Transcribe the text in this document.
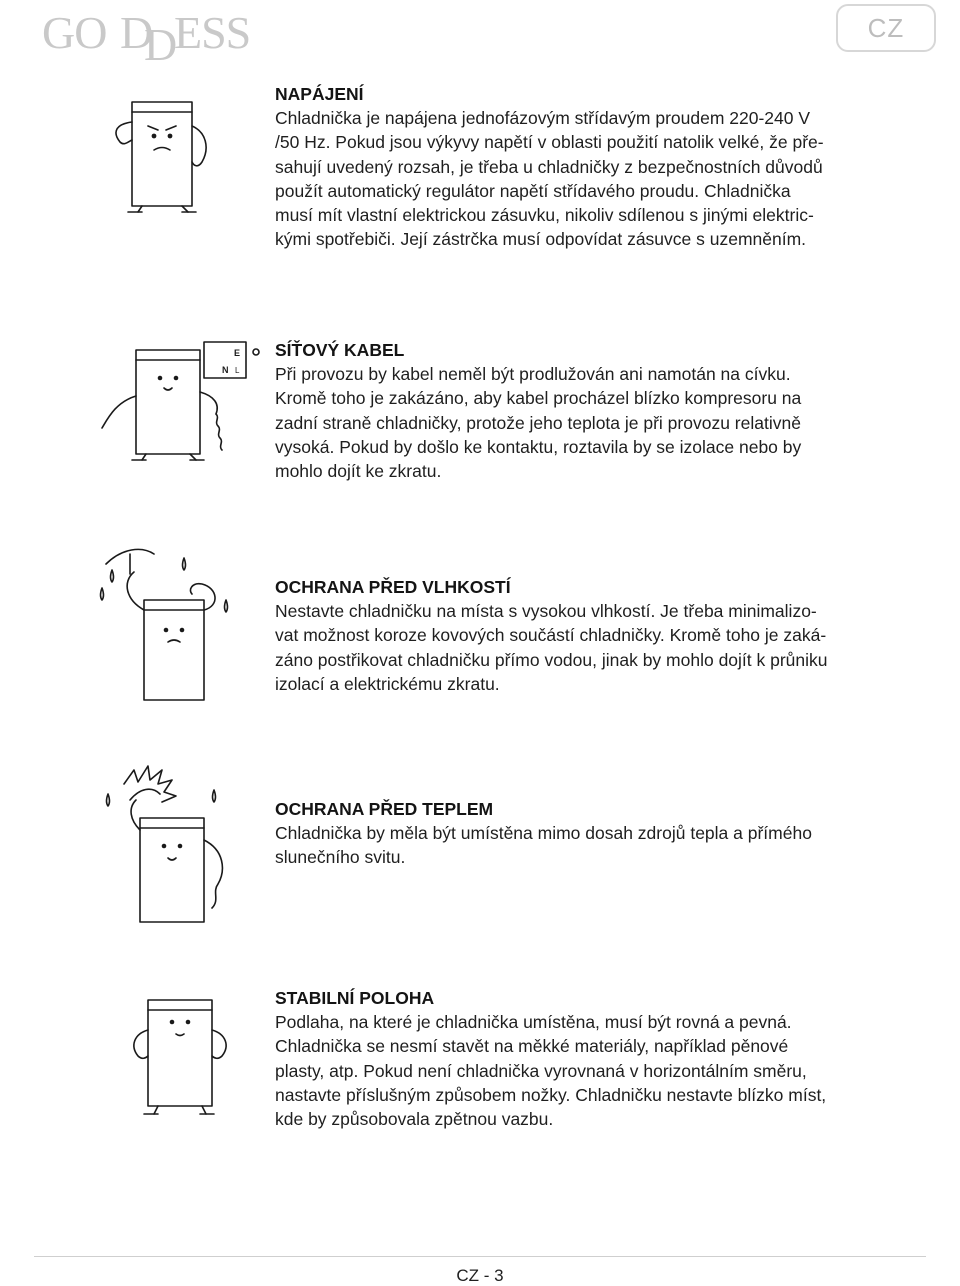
GO D
D
ESS	CZ

NAPÁJENÍ

Chladnička je napájena jednofázovým střídavým proudem 220-240 V
/50 Hz. Pokud jsou výkyvy napětí v oblasti použití natolik velké, že pře-
sahují uvedený rozsah, je třeba u chladničky z bezpečnostních důvodů
použít automatický regulátor napětí střídavého proudu. Chladnička
musí mít vlastní elektrickou zásuvku, nikoliv sdílenou s jinými elektric-
kými spotřebiči. Její zástrčka musí odpovídat zásuvce s uzemněním.

E
N L

SÍŤOVÝ KABEL

Při provozu by kabel neměl být prodlužován ani namotán na cívku.
Kromě toho je zakázáno, aby kabel procházel blízko kompresoru na
zadní straně chladničky, protože jeho teplota je při provozu relativně
vysoká. Pokud by došlo ke kontaktu, roztavila by se izolace nebo by
mohlo dojít ke zkratu.

OCHRANA PŘED VLHKOSTÍ

Nestavte chladničku na místa s vysokou vlhkostí. Je třeba minimalizo-
vat možnost koroze kovových součástí chladničky. Kromě toho je zaká-
záno postřikovat chladničku přímo vodou, jinak by mohlo dojít k průniku
izolací a elektrickému zkratu.

OCHRANA PŘED TEPLEM

Chladnička by měla být umístěna mimo dosah zdrojů tepla a přímého
slunečního svitu.

STABILNÍ POLOHA

Podlaha, na které je chladnička umístěna, musí být rovná a pevná.
Chladnička se nesmí stavět na měkké materiály, například pěnové
plasty, atp. Pokud není chladnička vyrovnaná v horizontálním směru,
nastavte příslušným způsobem nožky. Chladničku nestavte blízko míst,
kde by způsobovala zpětnou vazbu.

CZ - 3
